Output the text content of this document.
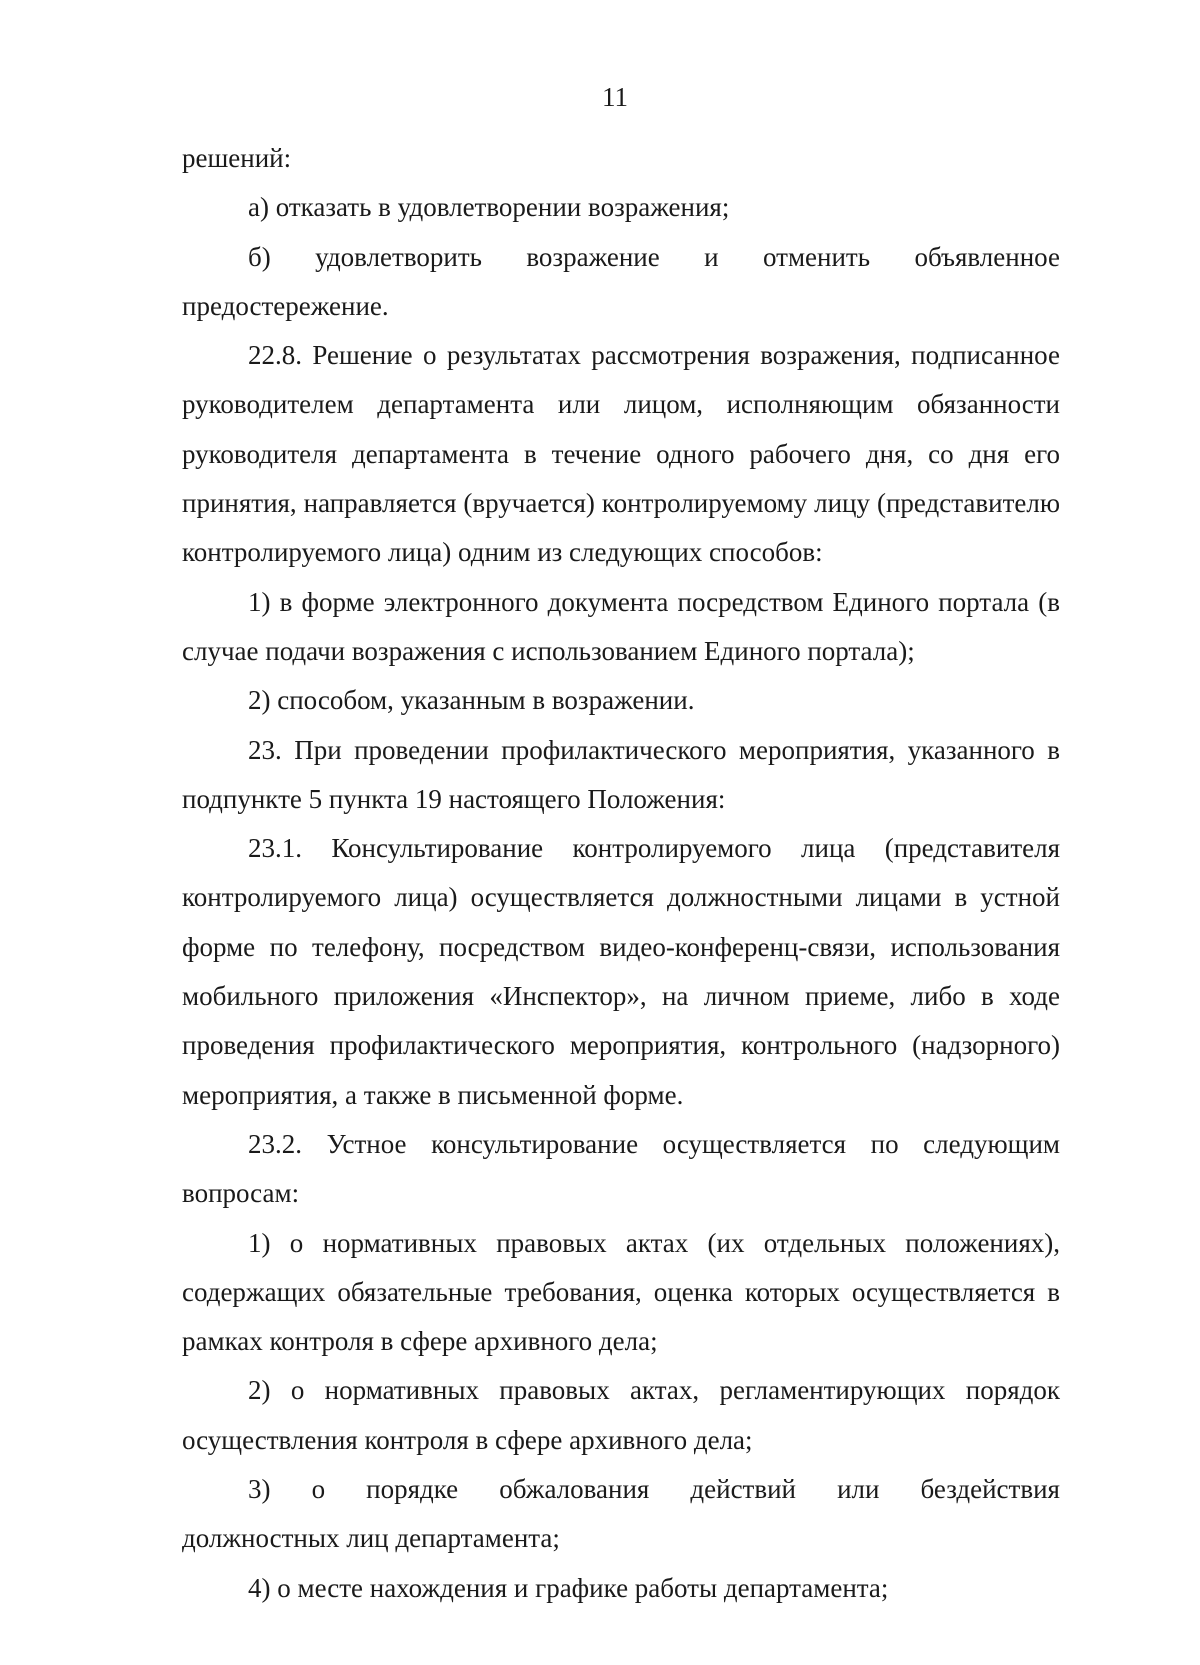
11

решений:

а) отказать в удовлетворении возражения;

б) удовлетворить возражение и отменить объявленное

предостережение.

22.8. Решение о результатах рассмотрения возражения, подписанное руководителем департамента или лицом, исполняющим обязанности руководителя департамента в течение одного рабочего дня, со дня его принятия, направляется (вручается) контролируемому лицу (представителю контролируемого лица) одним из следующих способов:

1) в форме электронного документа посредством Единого портала (в случае подачи возражения с использованием Единого портала);

2) способом, указанным в возражении.

23. При проведении профилактического мероприятия, указанного в подпункте 5 пункта 19 настоящего Положения:

23.1. Консультирование контролируемого лица (представителя контролируемого лица) осуществляется должностными лицами в устной форме по телефону, посредством видео-конференц-связи, использования мобильного приложения «Инспектор», на личном приеме, либо в ходе проведения профилактического мероприятия, контрольного (надзорного) мероприятия, а также в письменной форме.

23.2. Устное консультирование осуществляется по следующим вопросам:

1) о нормативных правовых актах (их отдельных положениях), содержащих обязательные требования, оценка которых осуществляется в рамках контроля в сфере архивного дела;

2) о нормативных правовых актах, регламентирующих порядок осуществления контроля в сфере архивного дела;

3) о порядке обжалования действий или бездействия

должностных лиц департамента;

4) о месте нахождения и графике работы департамента;
